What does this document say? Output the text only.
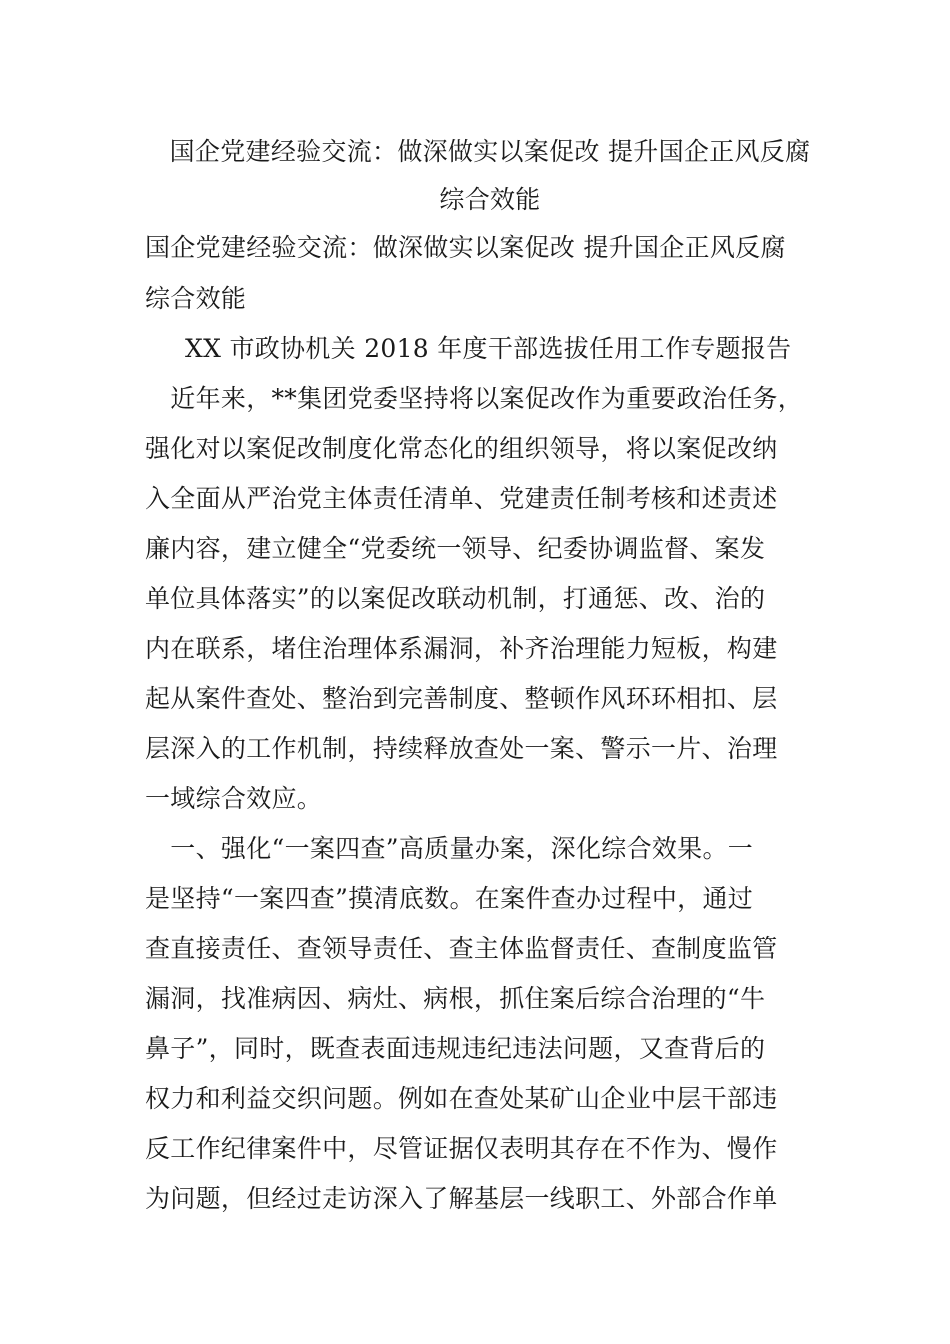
国企党建经验交流：做深做实以案促改 提升国企正风反腐
综合效能
国企党建经验交流：做深做实以案促改 提升国企正风反腐
综合效能
XX 市政协机关 2018 年度干部选拔任用工作专题报告
　近年来，**集团党委坚持将以案促改作为重要政治任务，
强化对以案促改制度化常态化的组织领导，将以案促改纳
入全面从严治党主体责任清单、党建责任制考核和述责述
廉内容，建立健全“党委统一领导、纪委协调监督、案发
单位具体落实”的以案促改联动机制，打通惩、改、治的
内在联系，堵住治理体系漏洞，补齐治理能力短板，构建
起从案件查处、整治到完善制度、整顿作风环环相扣、层
层深入的工作机制，持续释放查处一案、警示一片、治理
一域综合效应。
　一、强化“一案四查”高质量办案，深化综合效果。一
是坚持“一案四查”摸清底数。在案件查办过程中，通过
查直接责任、查领导责任、查主体监督责任、查制度监管
漏洞，找准病因、病灶、病根，抓住案后综合治理的“牛
鼻子”，同时，既查表面违规违纪违法问题，又查背后的
权力和利益交织问题。例如在查处某矿山企业中层干部违
反工作纪律案件中，尽管证据仅表明其存在不作为、慢作
为问题，但经过走访深入了解基层一线职工、外部合作单
